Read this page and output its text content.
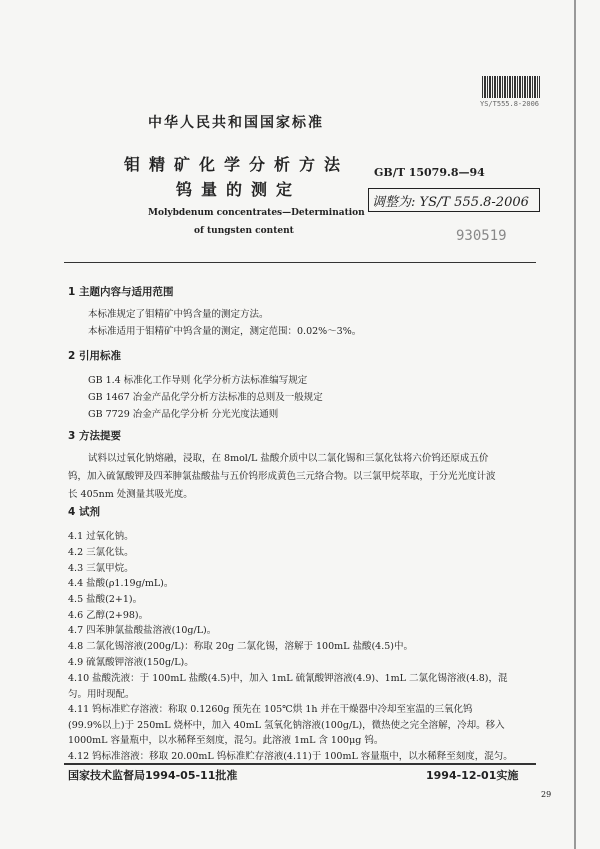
YS/T555.8-2006
中华人民共和国国家标准
钼精矿化学分析方法
钨量的测定
Molybdenum concentrates—Determination
of tungsten content
GB/T 15079.8—94
调整为: YS/T 555.8-2006
930519
1 主题内容与适用范围
本标准规定了钼精矿中钨含量的测定方法。
本标准适用于钼精矿中钨含量的测定，测定范围：0.02%～3%。
2 引用标准
GB 1.4 标准化工作导则 化学分析方法标准编写规定
GB 1467 冶金产品化学分析方法标准的总则及一般规定
GB 7729 冶金产品化学分析 分光光度法通则
3 方法提要
试料以过氧化钠熔融，浸取，在 8mol/L 盐酸介质中以二氯化锡和三氯化钛将六价钨还原成五价
钨，加入硫氰酸钾及四苯胂氯盐酸盐与五价钨形成黄色三元络合物。以三氯甲烷萃取，于分光光度计波
长 405nm 处测量其吸光度。
4 试剂
4.1 过氧化钠。
4.2 三氯化钛。
4.3 三氯甲烷。
4.4 盐酸(ρ1.19g/mL)。
4.5 盐酸(2+1)。
4.6 乙醇(2+98)。
4.7 四苯胂氯盐酸盐溶液(10g/L)。
4.8 二氯化锡溶液(200g/L)：称取 20g 二氯化锡，溶解于 100mL 盐酸(4.5)中。
4.9 硫氰酸钾溶液(150g/L)。
4.10 盐酸洗液：于 100mL 盐酸(4.5)中，加入 1mL 硫氰酸钾溶液(4.9)、1mL 二氯化锡溶液(4.8)，混
匀。用时现配。
4.11 钨标准贮存溶液：称取 0.1260g 预先在 105℃烘 1h 并在干燥器中冷却至室温的三氧化钨
(99.9%以上)于 250mL 烧杯中，加入 40mL 氢氧化钠溶液(100g/L)，微热使之完全溶解，冷却。移入
1000mL 容量瓶中，以水稀释至刻度，混匀。此溶液 1mL 含 100μg 钨。
4.12 钨标准溶液：移取 20.00mL 钨标准贮存溶液(4.11)于 100mL 容量瓶中，以水稀释至刻度，混匀。
国家技术监督局1994-05-11批准	1994-12-01实施
29
